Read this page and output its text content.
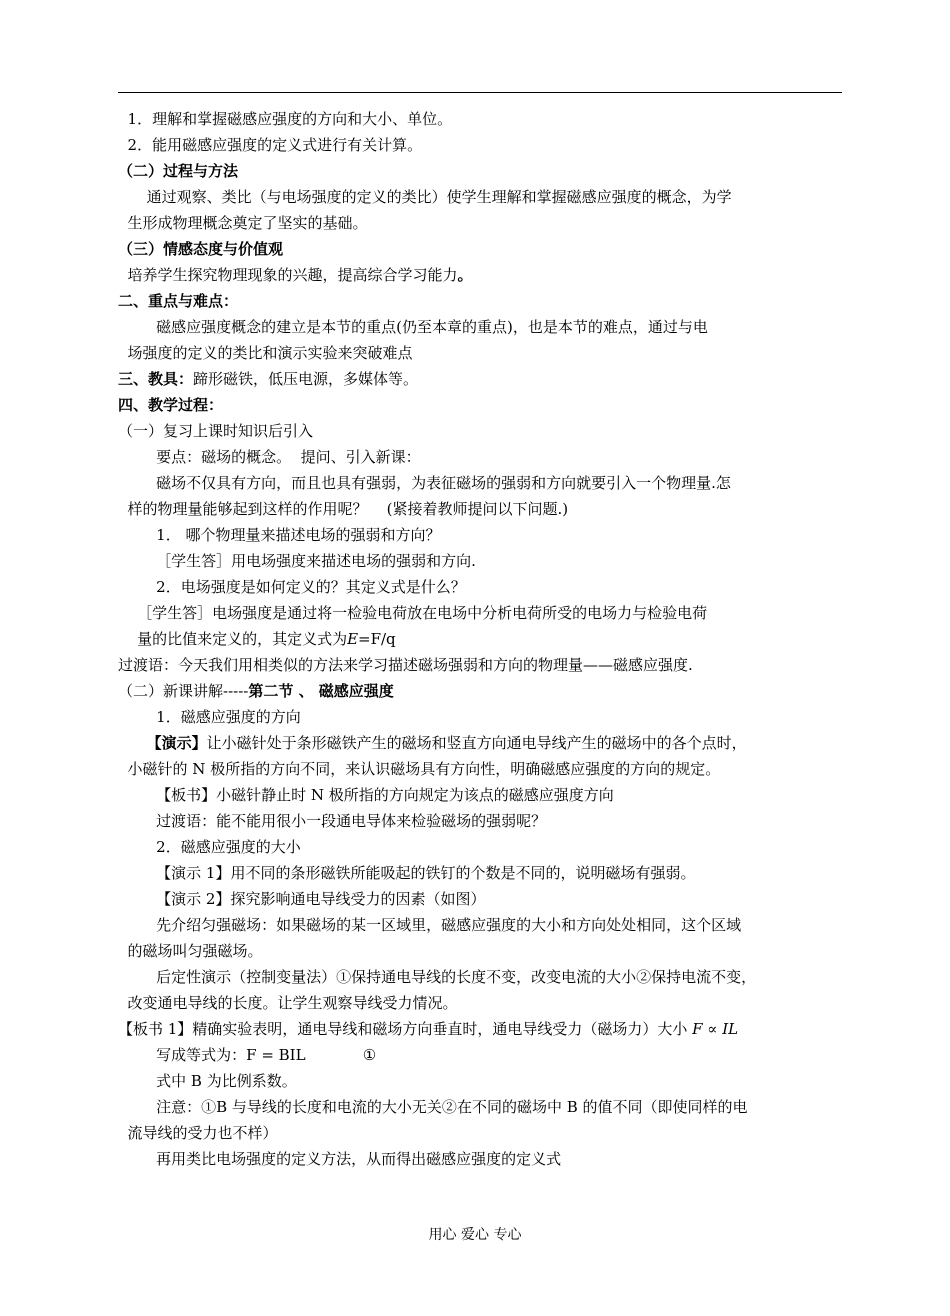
1．理解和掌握磁感应强度的方向和大小、单位。
2．能用磁感应强度的定义式进行有关计算。
（二）过程与方法
通过观察、类比（与电场强度的定义的类比）使学生理解和掌握磁感应强度的概念，为学
生形成物理概念奠定了坚实的基础。
（三）情感态度与价值观
培养学生探究物理现象的兴趣，提高综合学习能力。
二、重点与难点：
磁感应强度概念的建立是本节的重点(仍至本章的重点)，也是本节的难点，通过与电
场强度的定义的类比和演示实验来突破难点
三、教具：蹄形磁铁，低压电源，多媒体等。
四、教学过程：
（一）复习上课时知识后引入
要点：磁场的概念。  提问、引入新课：
磁场不仅具有方向，而且也具有强弱，为表征磁场的强弱和方向就要引入一个物理量.怎
样的物理量能够起到这样的作用呢？    (紧接着教师提问以下问题.)
1． 哪个物理量来描述电场的强弱和方向？
［学生答］用电场强度来描述电场的强弱和方向.
2．电场强度是如何定义的？其定义式是什么？
［学生答］电场强度是通过将一检验电荷放在电场中分析电荷所受的电场力与检验电荷
量的比值来定义的，其定义式为E=F/q
过渡语：今天我们用相类似的方法来学习描述磁场强弱和方向的物理量——磁感应强度.
（二）新课讲解-----第二节 、 磁感应强度
1．磁感应强度的方向
【演示】让小磁针处于条形磁铁产生的磁场和竖直方向通电导线产生的磁场中的各个点时，
小磁针的 N 极所指的方向不同，来认识磁场具有方向性，明确磁感应强度的方向的规定。
【板书】小磁针静止时 N 极所指的方向规定为该点的磁感应强度方向
过渡语：能不能用很小一段通电导体来检验磁场的强弱呢？
2．磁感应强度的大小
【演示 1】用不同的条形磁铁所能吸起的铁钉的个数是不同的，说明磁场有强弱。
【演示 2】探究影响通电导线受力的因素（如图）
先介绍匀强磁场：如果磁场的某一区域里，磁感应强度的大小和方向处处相同，这个区域
的磁场叫匀强磁场。
后定性演示（控制变量法）①保持通电导线的长度不变，改变电流的大小②保持电流不变，
改变通电导线的长度。让学生观察导线受力情况。
【板书 1】精确实验表明，通电导线和磁场方向垂直时，通电导线受力（磁场力）大小 F ∝ IL
写成等式为：F = BIL            ①
式中 B 为比例系数。
注意：①B 与导线的长度和电流的大小无关②在不同的磁场中 B 的值不同（即使同样的电
流导线的受力也不样）
再用类比电场强度的定义方法，从而得出磁感应强度的定义式
用心 爱心 专心
